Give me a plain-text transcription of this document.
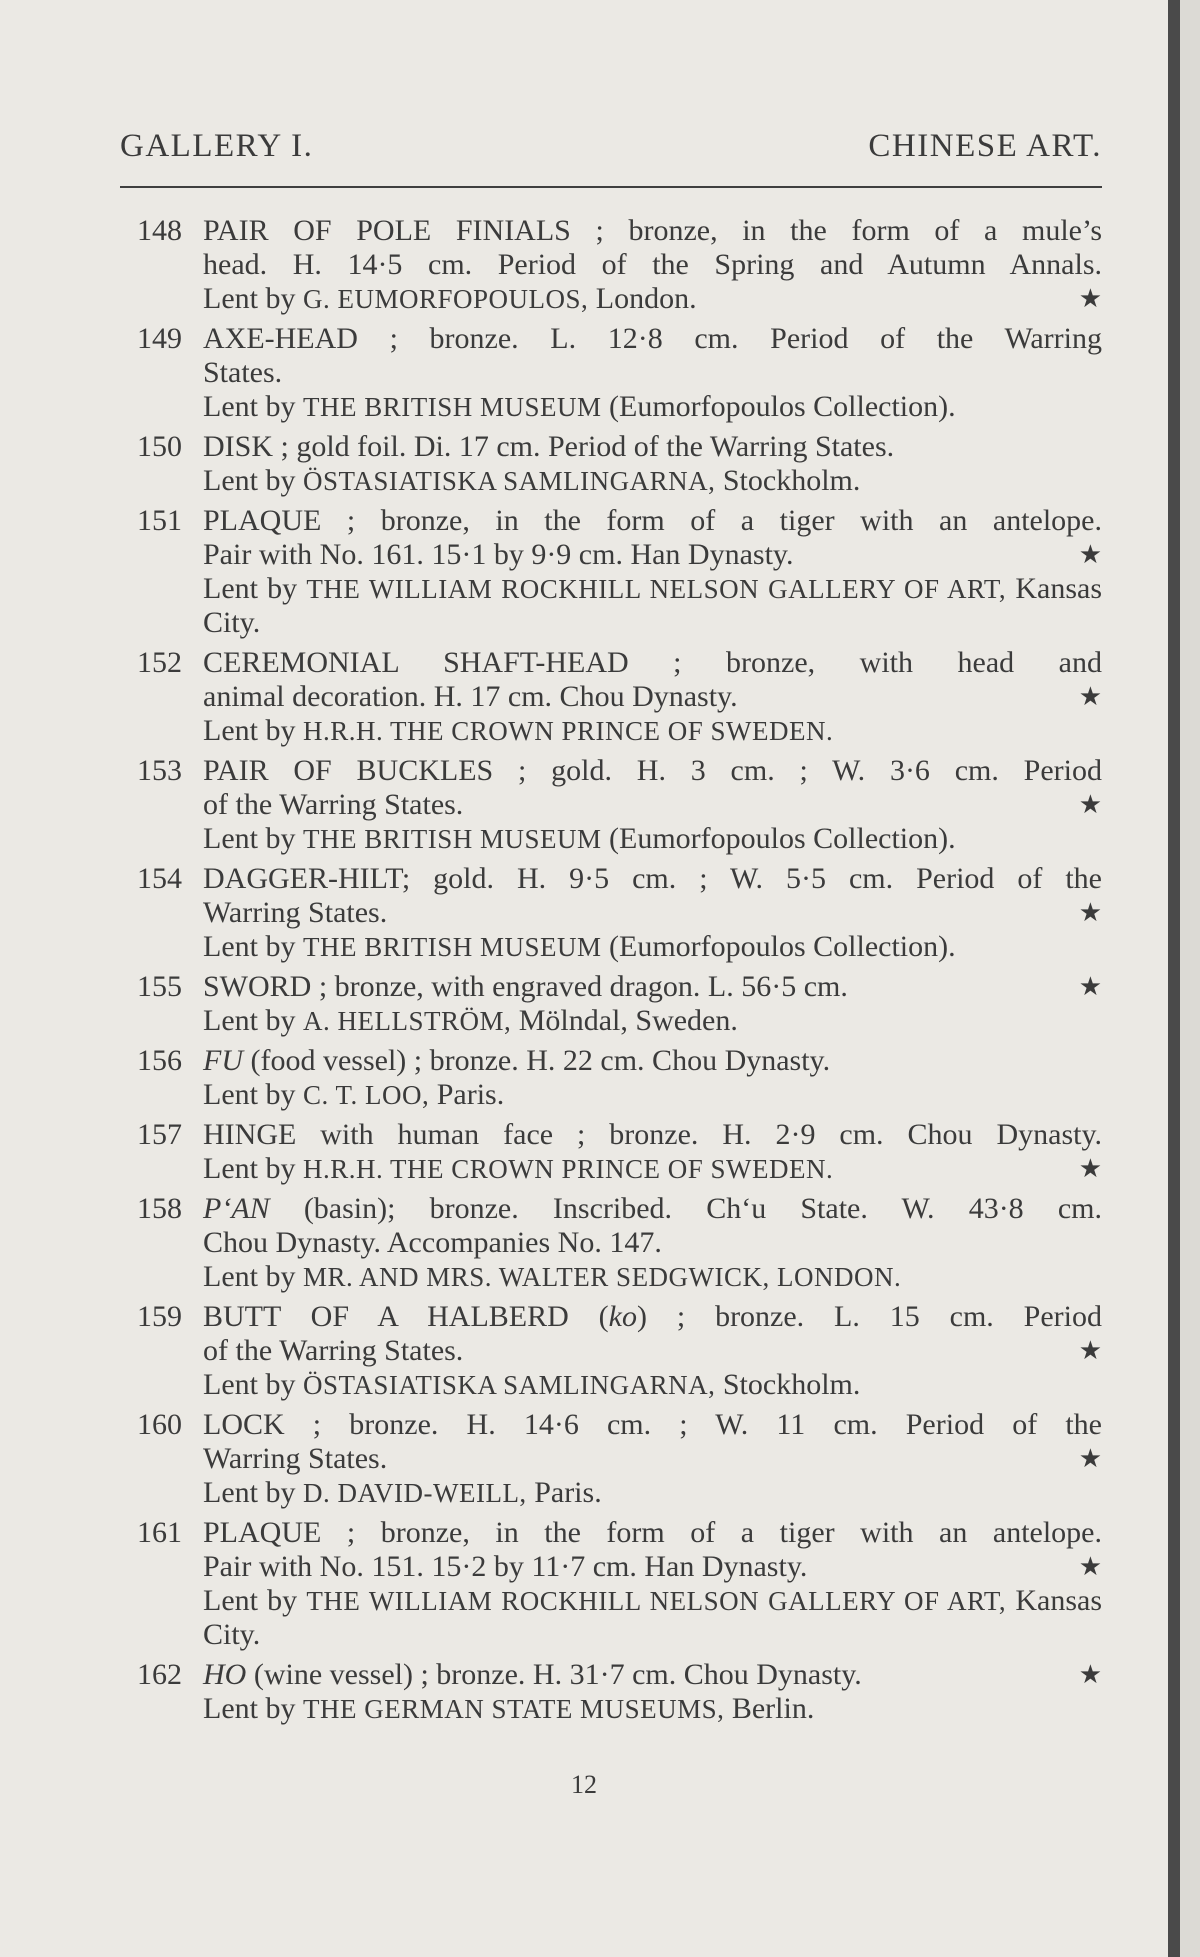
GALLERY I.	CHINESE ART.
148 PAIR OF POLE FINIALS ; bronze, in the form of a mule’s
head. H. 14·5 cm. Period of the Spring and Autumn Annals.
Lent by G. EUMORFOPOULOS, London.	★
149 AXE-HEAD ; bronze. L. 12·8 cm. Period of the Warring
States.
Lent by THE BRITISH MUSEUM (Eumorfopoulos Collection).
150 DISK ; gold foil. Di. 17 cm. Period of the Warring States.
Lent by ÖSTASIATISKA SAMLINGARNA, Stockholm.
151 PLAQUE ; bronze, in the form of a tiger with an antelope.
Pair with No. 161. 15·1 by 9·9 cm. Han Dynasty.	★
Lent by THE WILLIAM ROCKHILL NELSON GALLERY OF ART, Kansas
City.
152 CEREMONIAL SHAFT-HEAD ; bronze, with head and
animal decoration. H. 17 cm. Chou Dynasty.	★
Lent by H.R.H. THE CROWN PRINCE OF SWEDEN.
153 PAIR OF BUCKLES ; gold. H. 3 cm. ; W. 3·6 cm. Period
of the Warring States.	★
Lent by THE BRITISH MUSEUM (Eumorfopoulos Collection).
154 DAGGER-HILT; gold. H. 9·5 cm. ; W. 5·5 cm. Period of the
Warring States.	★
Lent by THE BRITISH MUSEUM (Eumorfopoulos Collection).
155 SWORD ; bronze, with engraved dragon. L. 56·5 cm.	★
Lent by A. HELLSTRÖM, Mölndal, Sweden.
156 FU (food vessel) ; bronze. H. 22 cm. Chou Dynasty.
Lent by C. T. LOO, Paris.
157 HINGE with human face ; bronze. H. 2·9 cm. Chou Dynasty.
Lent by H.R.H. THE CROWN PRINCE OF SWEDEN.	★
158 P‘AN (basin); bronze. Inscribed. Ch‘u State. W. 43·8 cm.
Chou Dynasty. Accompanies No. 147.
Lent by MR. AND MRS. WALTER SEDGWICK, LONDON.
159 BUTT OF A HALBERD (ko) ; bronze. L. 15 cm. Period
of the Warring States.	★
Lent by ÖSTASIATISKA SAMLINGARNA, Stockholm.
160 LOCK ; bronze. H. 14·6 cm. ; W. 11 cm. Period of the
Warring States.	★
Lent by D. DAVID-WEILL, Paris.
161 PLAQUE ; bronze, in the form of a tiger with an antelope.
Pair with No. 151. 15·2 by 11·7 cm. Han Dynasty.	★
Lent by THE WILLIAM ROCKHILL NELSON GALLERY OF ART, Kansas
City.
162 HO (wine vessel) ; bronze. H. 31·7 cm. Chou Dynasty.	★
Lent by THE GERMAN STATE MUSEUMS, Berlin.
12
